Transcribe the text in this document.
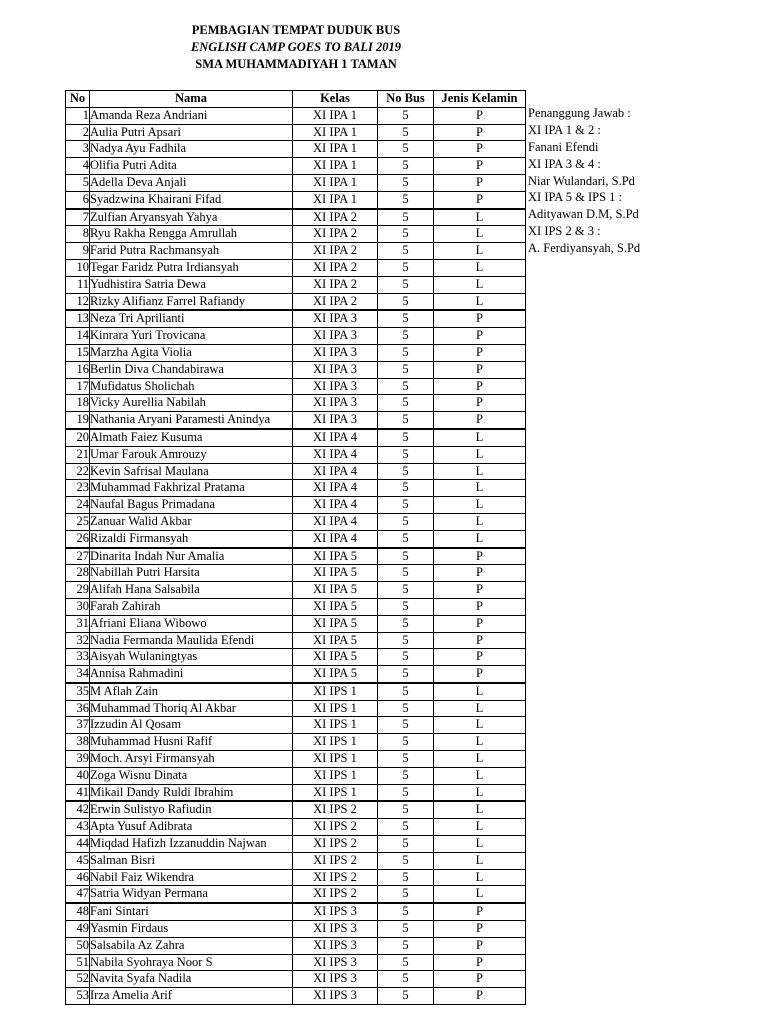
PEMBAGIAN TEMPAT DUDUK BUS
ENGLISH CAMP GOES TO BALI 2019
SMA MUHAMMADIYAH 1 TAMAN
No	Nama	Kelas	No Bus	Jenis Kelamin
1	Amanda Reza Andriani	XI IPA 1	5	P
2	Aulia Putri Apsari	XI IPA 1	5	P
3	Nadya Ayu Fadhila	XI IPA 1	5	P
4	Olifia Putri Adita	XI IPA 1	5	P
5	Adella Deva Anjali	XI IPA 1	5	P
6	Syadzwina Khairani Fifad	XI IPA 1	5	P
7	Zulfian Aryansyah Yahya	XI IPA 2	5	L
8	Ryu Rakha Rengga Amrullah	XI IPA 2	5	L
9	Farid Putra Rachmansyah	XI IPA 2	5	L
10	Tegar Faridz Putra Irdiansyah	XI IPA 2	5	L
11	Yudhistira Satria Dewa	XI IPA 2	5	L
12	Rizky Alifianz Farrel Rafiandy	XI IPA 2	5	L
13	Neza Tri Aprilianti	XI IPA 3	5	P
14	Kinrara Yuri Trovicana	XI IPA 3	5	P
15	Marzha Agita Violia	XI IPA 3	5	P
16	Berlin Diva Chandabirawa	XI IPA 3	5	P
17	Mufidatus Sholichah	XI IPA 3	5	P
18	Vicky Aurellia Nabilah	XI IPA 3	5	P
19	Nathania Aryani Paramesti Anindya	XI IPA 3	5	P
20	Almath Faiez Kusuma	XI IPA 4	5	L
21	Umar Farouk Amrouzy	XI IPA 4	5	L
22	Kevin Safrisal Maulana	XI IPA 4	5	L
23	Muhammad Fakhrizal Pratama	XI IPA 4	5	L
24	Naufal Bagus Primadana	XI IPA 4	5	L
25	Zanuar Walid Akbar	XI IPA 4	5	L
26	Rizaldi Firmansyah	XI IPA 4	5	L
27	Dinarita Indah Nur Amalia	XI IPA 5	5	P
28	Nabillah Putri Harsita	XI IPA 5	5	P
29	Alifah Hana Salsabila	XI IPA 5	5	P
30	Farah Zahirah	XI IPA 5	5	P
31	Afriani Eliana Wibowo	XI IPA 5	5	P
32	Nadia Fermanda Maulida Efendi	XI IPA 5	5	P
33	Aisyah Wulaningtyas	XI IPA 5	5	P
34	Annisa Rahmadini	XI IPA 5	5	P
35	M Aflah Zain	XI IPS 1	5	L
36	Muhammad Thoriq Al Akbar	XI IPS 1	5	L
37	Izzudin Al Qosam	XI IPS 1	5	L
38	Muhammad Husni Rafif	XI IPS 1	5	L
39	Moch. Arsyi Firmansyah	XI IPS 1	5	L
40	Zoga Wisnu Dinata	XI IPS 1	5	L
41	Mikail Dandy Ruldi Ibrahim	XI IPS 1	5	L
42	Erwin Sulistyo Rafiudin	XI IPS 2	5	L
43	Apta Yusuf Adibrata	XI IPS 2	5	L
44	Miqdad Hafizh Izzanuddin Najwan	XI IPS 2	5	L
45	Salman Bisri	XI IPS 2	5	L
46	Nabil Faiz Wikendra	XI IPS 2	5	L
47	Satria Widyan Permana	XI IPS 2	5	L
48	Fani Sintari	XI IPS 3	5	P
49	Yasmin Firdaus	XI IPS 3	5	P
50	Salsabila Az Zahra	XI IPS 3	5	P
51	Nabila Syohraya Noor S	XI IPS 3	5	P
52	Navita Syafa Nadila	XI IPS 3	5	P
53	Irza Amelia Arif	XI IPS 3	5	P
Penanggung Jawab :
XI IPA 1 & 2 :
Fanani Efendi
XI IPA 3 & 4 :
Niar Wulandari, S.Pd
XI IPA 5 & IPS 1 :
Adityawan D.M, S.Pd
XI IPS 2 & 3 :
A. Ferdiyansyah, S.Pd
